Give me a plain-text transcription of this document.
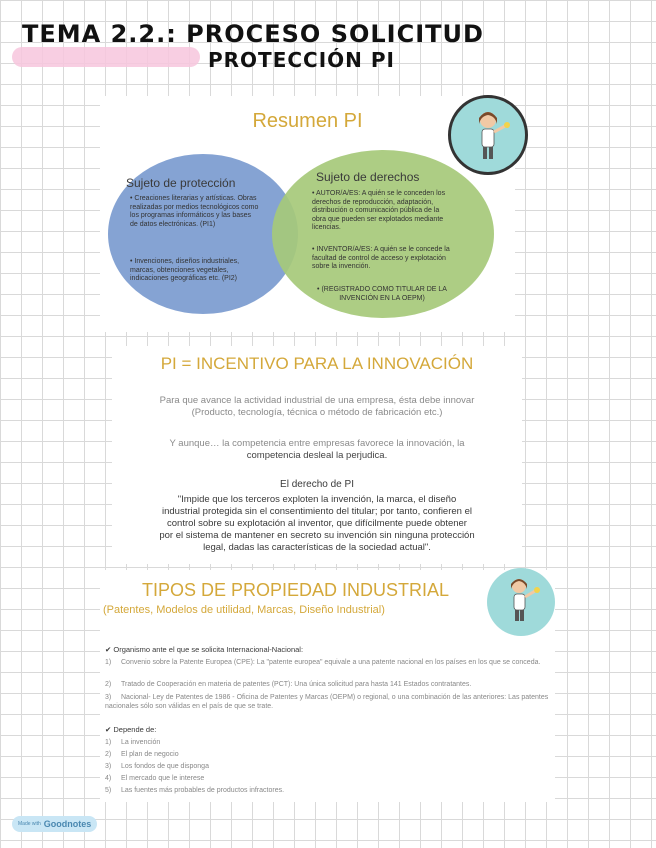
TEMA 2.2.: PROCESO SOLICITUD
PROTECCIÓN PI
Resumen PI
Sujeto de protección
• Creaciones literarias y artísticas. Obras realizadas por medios tecnológicos como los programas informáticos y las bases de datos electrónicas. (PI1)
• Invenciones, diseños industriales, marcas, obtenciones vegetales, indicaciones geográficas etc. (PI2)
Sujeto de derechos
• AUTOR/A/ES: A quién se le conceden los derechos de reproducción, adaptación, distribución o comunicación pública de la obra que pueden ser explotados mediante licencias.
• INVENTOR/A/ES: A quién se le concede la facultad de control de acceso y explotación sobre la invención.
• (REGISTRADO COMO TITULAR DE LA INVENCIÓN EN LA OEPM)
PI = INCENTIVO PARA LA INNOVACIÓN
Para que avance la actividad industrial de una empresa, ésta debe innovar
(Producto, tecnología, técnica o método de fabricación etc.)
Y aunque… la competencia entre empresas favorece la innovación, la
competencia desleal la perjudica.
El derecho de PI
"Impide que los terceros exploten la invención, la marca, el diseño
industrial protegida sin el consentimiento del titular; por tanto, confieren el
control sobre su explotación al inventor, que difícilmente puede obtener
por el sistema de mantener en secreto su invención sin ninguna protección
legal, dadas las características de la sociedad actual".
TIPOS DE PROPIEDAD INDUSTRIAL
(Patentes, Modelos de utilidad, Marcas, Diseño Industrial)
✔ Organismo ante el que se solicita Internacional-Nacional:
1) Convenio sobre la Patente Europea (CPE): La "patente europea" equivale a una patente nacional en los países en los que se conceda.
2) Tratado de Cooperación en materia de patentes (PCT): Una única solicitud para hasta 141 Estados contratantes.
3) Nacional- Ley de Patentes de 1986 - Oficina de Patentes y Marcas (OEPM) o regional, o una combinación de las anteriores: Las patentes nacionales sólo son válidas en el país de que se trate.
✔ Depende de:
1) La invención
2) El plan de negocio
3) Los fondos de que disponga
4) El mercado que le interese
5) Las fuentes más probables de productos infractores.
Made with Goodnotes
